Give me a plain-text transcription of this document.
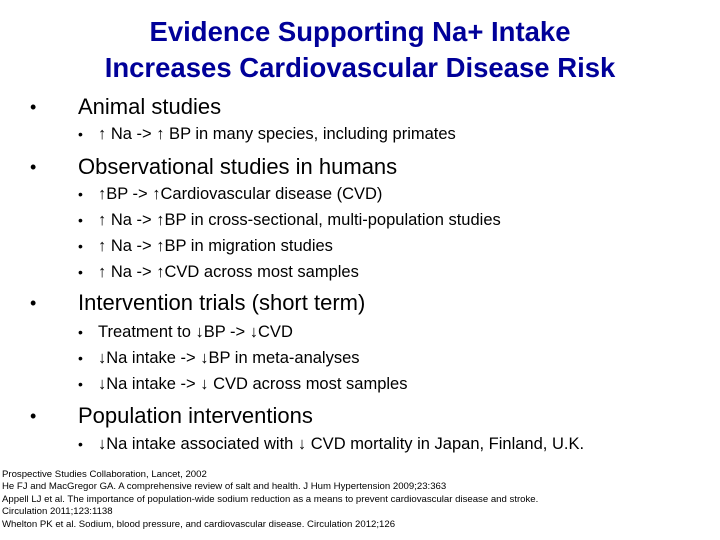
Evidence Supporting Na+ Intake
Increases Cardiovascular Disease Risk
• Animal studies
• ↑ Na -> ↑ BP in many species, including primates
• Observational studies in humans
• ↑BP -> ↑Cardiovascular disease (CVD)
• ↑ Na -> ↑BP in cross-sectional, multi-population studies
• ↑ Na -> ↑BP in migration studies
• ↑ Na -> ↑CVD across most samples
• Intervention trials (short term)
• Treatment to ↓BP -> ↓CVD
• ↓Na intake -> ↓BP in meta-analyses
• ↓Na intake -> ↓ CVD across most samples
• Population interventions
• ↓Na intake associated with ↓ CVD mortality in Japan, Finland, U.K.
Prospective Studies Collaboration, Lancet, 2002
He FJ and MacGregor GA. A comprehensive review of salt and health. J Hum Hypertension 2009;23:363
Appell LJ et al. The importance of population-wide sodium reduction as a means to prevent cardiovascular disease and stroke.
Circulation 2011;123:1138
Whelton PK et al. Sodium, blood pressure, and cardiovascular disease. Circulation 2012;126
